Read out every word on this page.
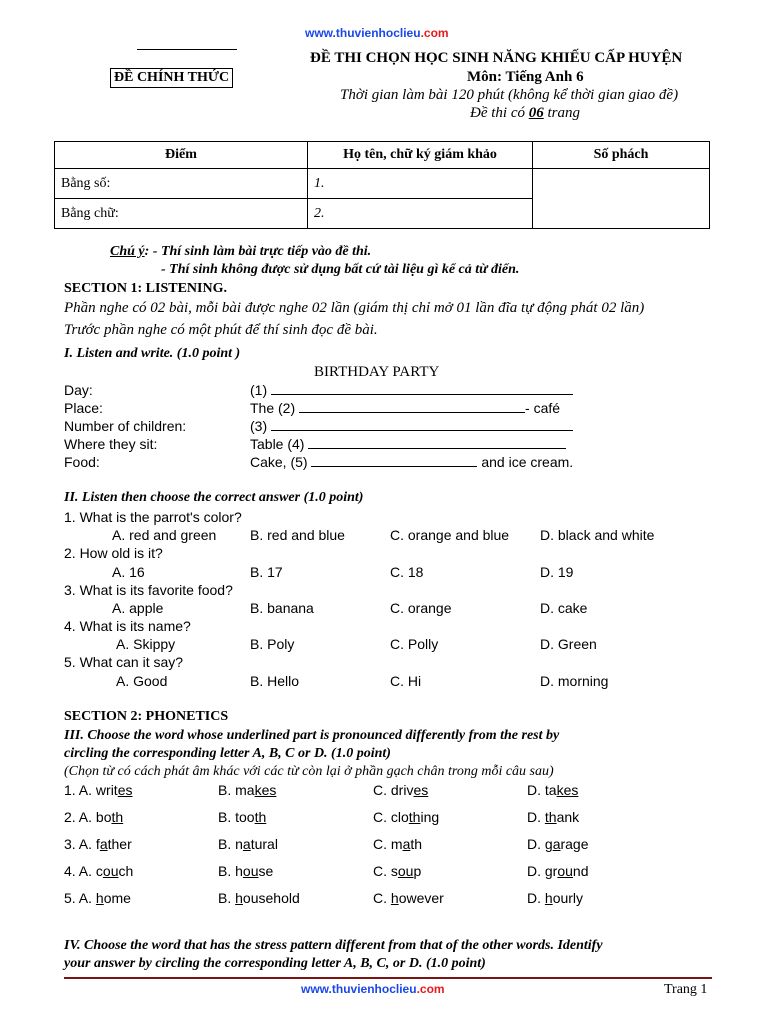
www.thuvienhoclieu.com
ĐỀ CHÍNH THỨC
ĐỀ THI CHỌN HỌC SINH NĂNG KHIẾU CẤP HUYỆN
Môn: Tiếng Anh 6
Thời gian làm bài 120 phút (không kể thời gian giao đề)
Đề thi có 06 trang
Điểm	Họ tên, chữ ký giám khảo	Số phách
Bằng số:	1.	
Bằng chữ:	2.	
Chú ý: - Thí sinh làm bài trực tiếp vào đề thi.
- Thí sinh không được sử dụng bất cứ tài liệu gì kể cả từ điển.
SECTION 1: LISTENING.
Phần nghe có 02 bài, mỗi bài được nghe 02 lần (giám thị chỉ mở 01 lần đĩa tự động phát 02 lần)
Trước phần nghe có một phút để thí sinh đọc đề bài.
I. Listen and write. (1.0 point )
BIRTHDAY PARTY
Day:	(1)
Place:	The (2)	- café
Number of children:	(3)
Where they sit:	Table (4)
Food:	Cake, (5)	and ice cream.
II. Listen then choose the correct answer (1.0 point)
1. What is the parrot's color?
A. red and green B. red and blue	C. orange and blue D. black and white
2. How old is it?
A. 16	B. 17	C. 18	D. 19
3. What is its favorite food?
A. apple	B. banana	C. orange	D. cake
4. What is its name?
A. Skippy	B. Poly	C. Polly	D. Green
5. What can it say?
A. Good	B. Hello	C. Hi	D. morning
SECTION 2: PHONETICS
III. Choose the word whose underlined part is pronounced differently from the rest by
circling the corresponding letter A, B, C or D. (1.0 point)
(Chọn từ có cách phát âm khác với các từ còn lại ở phần gạch chân trong mỗi câu sau)
1. A. writes	B. makes	C. drives	D. takes
2. A. both	B. tooth	C. clothing	D. thank
3. A. father	B. natural	C. math	D. garage
4. A. couch	B. house	C. soup	D. ground
5. A. home	B. household	C. however	D. hourly
IV. Choose the word that has the stress pattern different from that of the other words. Identify
your answer by circling the corresponding letter A, B, C, or D. (1.0 point)
www.thuvienhoclieu.com	Trang 1
